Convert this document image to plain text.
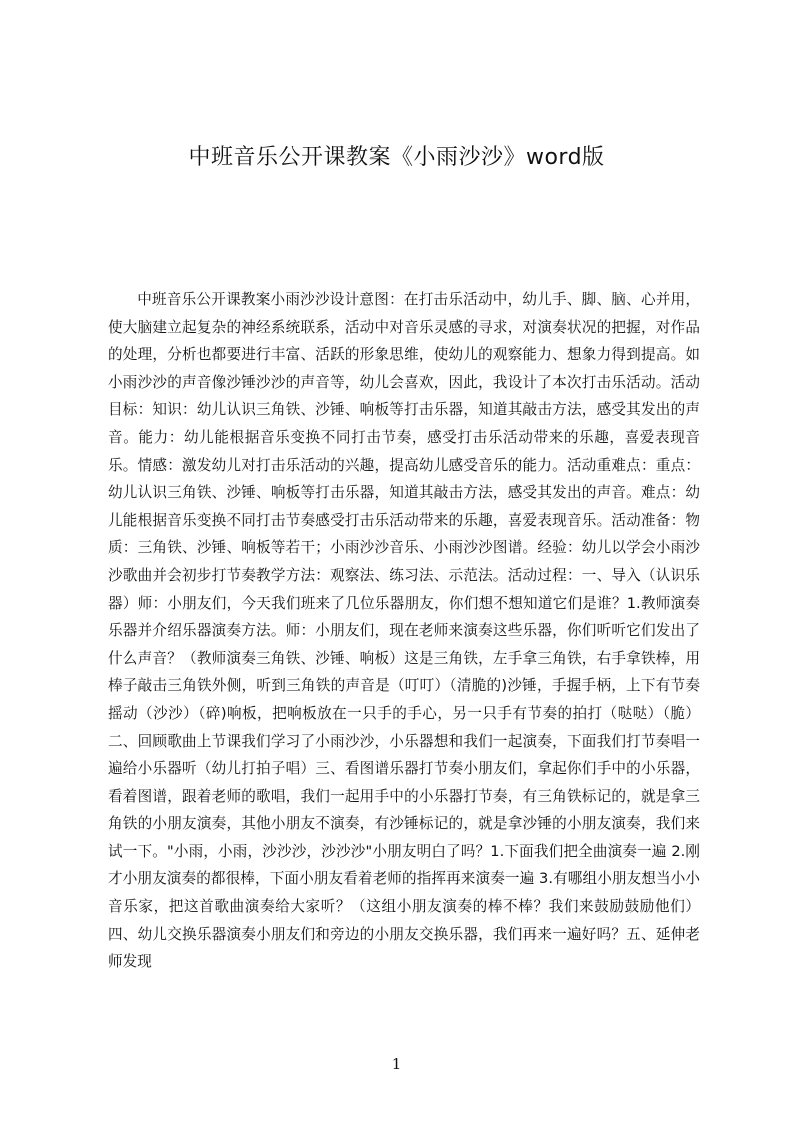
中班音乐公开课教案《小雨沙沙》word版

中班音乐公开课教案小雨沙沙设计意图：在打击乐活动中，幼儿手、脚、脑、心并用，使大脑建立起复杂的神经系统联系，活动中对音乐灵感的寻求，对演奏状况的把握，对作品的处理，分析也都要进行丰富、活跃的形象思维，使幼儿的观察能力、想象力得到提高。如小雨沙沙的声音像沙锤沙沙的声音等，幼儿会喜欢，因此，我设计了本次打击乐活动。活动目标：知识：幼儿认识三角铁、沙锤、响板等打击乐器，知道其敲击方法，感受其发出的声音。能力：幼儿能根据音乐变换不同打击节奏，感受打击乐活动带来的乐趣，喜爱表现音乐。情感：激发幼儿对打击乐活动的兴趣，提高幼儿感受音乐的能力。活动重难点：重点：幼儿认识三角铁、沙锤、响板等打击乐器，知道其敲击方法，感受其发出的声音。难点：幼儿能根据音乐变换不同打击节奏感受打击乐活动带来的乐趣，喜爱表现音乐。活动准备：物质：三角铁、沙锤、响板等若干；小雨沙沙音乐、小雨沙沙图谱。经验：幼儿以学会小雨沙沙歌曲并会初步打节奏教学方法：观察法、练习法、示范法。活动过程：一、导入（认识乐器）师：小朋友们，今天我们班来了几位乐器朋友，你们想不想知道它们是谁？1.教师演奏乐器并介绍乐器演奏方法。师：小朋友们，现在老师来演奏这些乐器，你们听听它们发出了什么声音？（教师演奏三角铁、沙锤、响板）这是三角铁，左手拿三角铁，右手拿铁棒，用棒子敲击三角铁外侧，听到三角铁的声音是（叮叮）（清脆的)沙锤，手握手柄，上下有节奏摇动（沙沙）（碎)响板，把响板放在一只手的手心，另一只手有节奏的拍打（哒哒）（脆）二、回顾歌曲上节课我们学习了小雨沙沙，小乐器想和我们一起演奏，下面我们打节奏唱一遍给小乐器听（幼儿打拍子唱）三、看图谱乐器打节奏小朋友们，拿起你们手中的小乐器，看着图谱，跟着老师的歌唱，我们一起用手中的小乐器打节奏，有三角铁标记的，就是拿三角铁的小朋友演奏，其他小朋友不演奏，有沙锤标记的，就是拿沙锤的小朋友演奏，我们来试一下。"小雨，小雨，沙沙沙，沙沙沙"小朋友明白了吗？1.下面我们把全曲演奏一遍 2.刚才小朋友演奏的都很棒，下面小朋友看着老师的指挥再来演奏一遍 3.有哪组小朋友想当小小音乐家，把这首歌曲演奏给大家听？（这组小朋友演奏的棒不棒？我们来鼓励鼓励他们）四、幼儿交换乐器演奏小朋友们和旁边的小朋友交换乐器，我们再来一遍好吗？五、延伸老师发现

1
